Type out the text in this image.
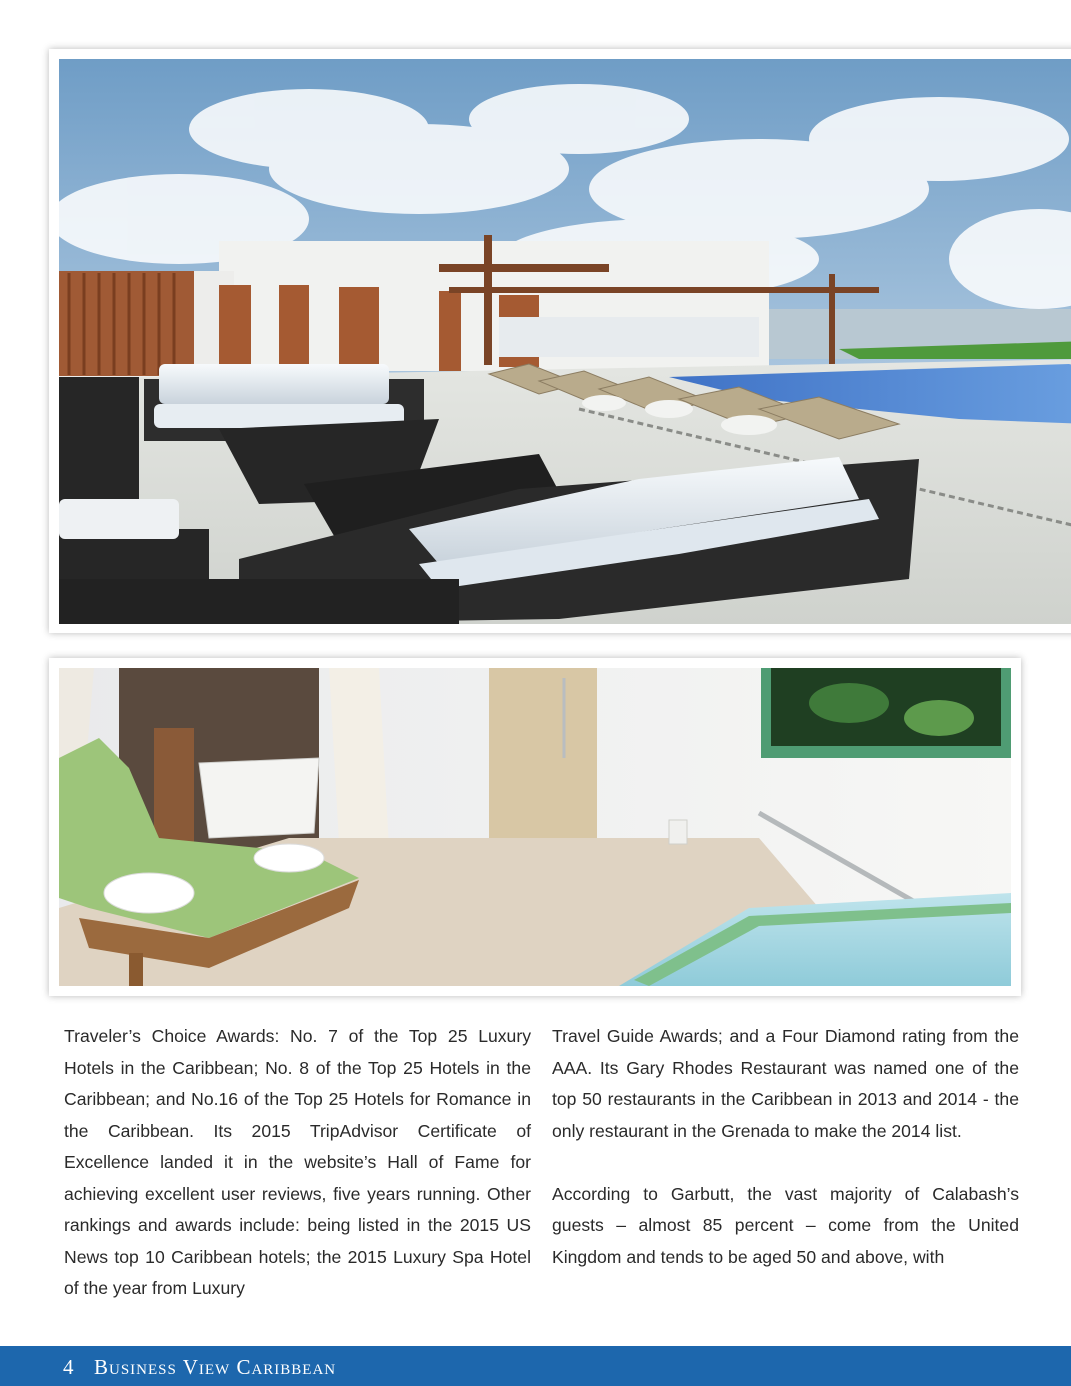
Traveler’s Choice Awards: No. 7 of the Top 25 Luxury Hotels in the Caribbean; No. 8 of the Top 25 Hotels in the Caribbean; and No.16 of the Top 25 Hotels for Romance in the Caribbean. Its 2015 TripAdvisor Certificate of Excellence landed it in the website’s Hall of Fame for achieving excellent user reviews, five years running. Other rankings and awards include: being listed in the 2015 US News top 10 Caribbean hotels; the 2015 Luxury Spa Hotel of the year from Luxury

Travel Guide Awards; and a Four Diamond rating from the AAA. Its Gary Rhodes Restaurant was named one of the top 50 restaurants in the Caribbean in 2013 and 2014 - the only restaurant in the Grenada to make the 2014 list.

According to Garbutt, the vast majority of Calabash’s guests – almost 85 percent – come from the United Kingdom and tends to be aged 50 and above, with

4 Business View Caribbean
